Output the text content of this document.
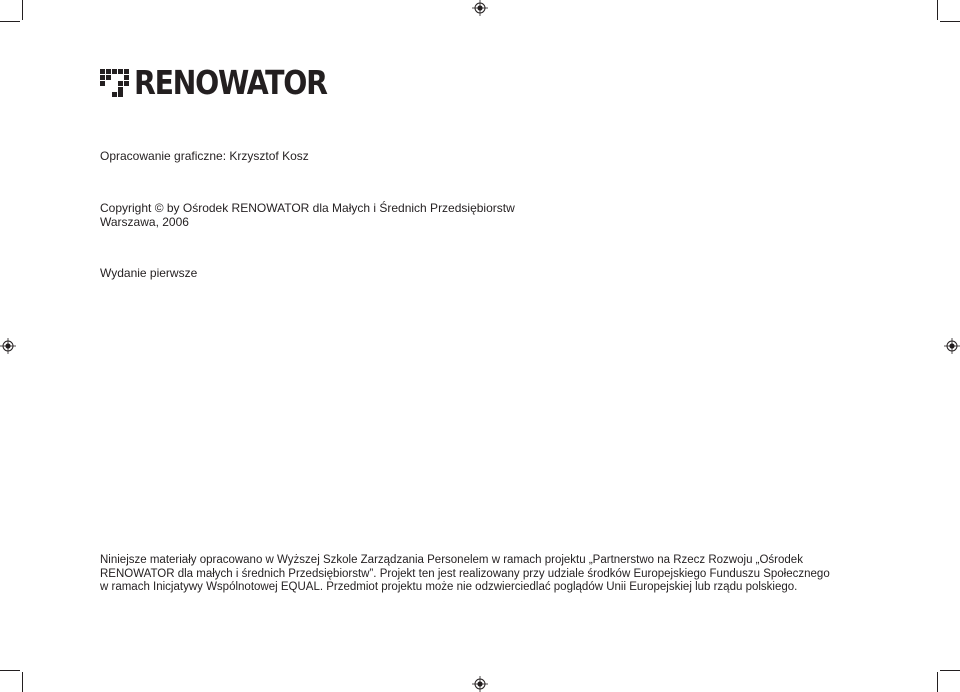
RENOWATOR
Opracowanie graficzne: Krzysztof Kosz
Copyright © by Ośrodek RENOWATOR dla Małych i Średnich Przedsiębiorstw
Warszawa, 2006
Wydanie pierwsze
Niniejsze materiały opracowano w Wyższej Szkole Zarządzania Personelem w ramach projektu „Partnerstwo na Rzecz Rozwoju „Ośrodek
RENOWATOR dla małych i średnich Przedsiębiorstw”. Projekt ten jest realizowany przy udziale środków Europejskiego Funduszu Społecznego
w ramach Inicjatywy Wspólnotowej EQUAL. Przedmiot projektu może nie odzwierciedlać poglądów Unii Europejskiej lub rządu polskiego.
